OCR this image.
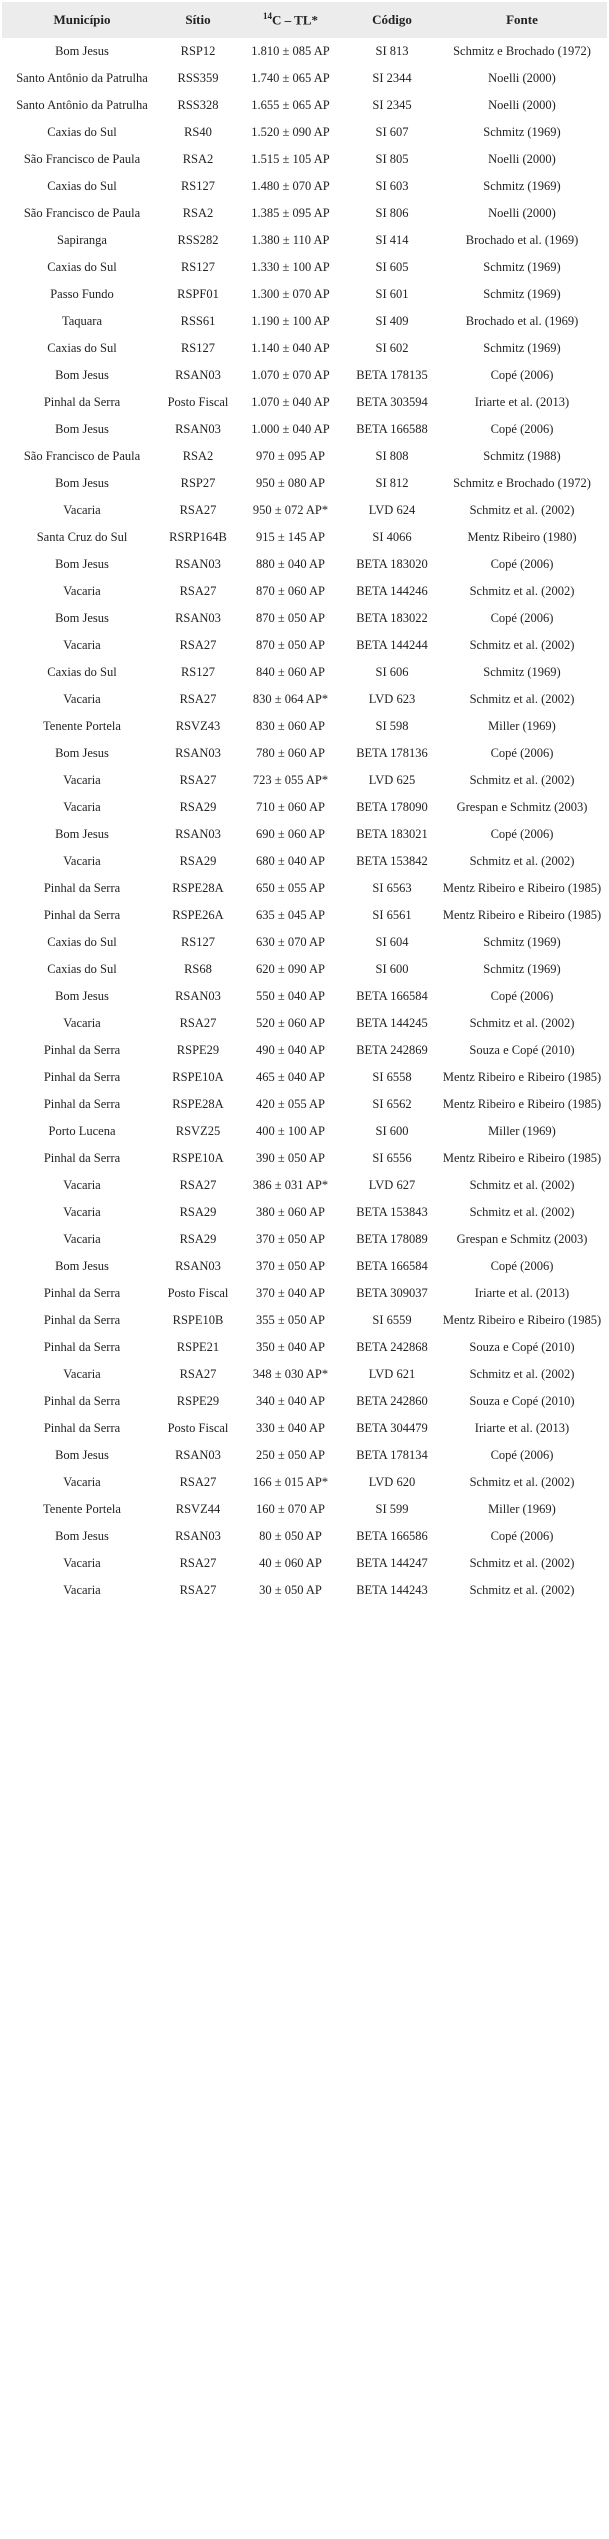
Município	Sítio	$^{14}$C – TL*	Código	Fonte
Bom Jesus	RSP12	1.810 ± 085 AP	SI 813	Schmitz e Brochado (1972)
Santo Antônio da Patrulha	RSS359	1.740 ± 065 AP	SI 2344	Noelli (2000)
Santo Antônio da Patrulha	RSS328	1.655 ± 065 AP	SI 2345	Noelli (2000)
Caxias do Sul	RS40	1.520 ± 090 AP	SI 607	Schmitz (1969)
São Francisco de Paula	RSA2	1.515 ± 105 AP	SI 805	Noelli (2000)
Caxias do Sul	RS127	1.480 ± 070 AP	SI 603	Schmitz (1969)
São Francisco de Paula	RSA2	1.385 ± 095 AP	SI 806	Noelli (2000)
Sapiranga	RSS282	1.380 ± 110 AP	SI 414	Brochado et al. (1969)
Caxias do Sul	RS127	1.330 ± 100 AP	SI 605	Schmitz (1969)
Passo Fundo	RSPF01	1.300 ± 070 AP	SI 601	Schmitz (1969)
Taquara	RSS61	1.190 ± 100 AP	SI 409	Brochado et al. (1969)
Caxias do Sul	RS127	1.140 ± 040 AP	SI 602	Schmitz (1969)
Bom Jesus	RSAN03	1.070 ± 070 AP	BETA 178135	Copé (2006)
Pinhal da Serra	Posto Fiscal	1.070 ± 040 AP	BETA 303594	Iriarte et al. (2013)
Bom Jesus	RSAN03	1.000 ± 040 AP	BETA 166588	Copé (2006)
São Francisco de Paula	RSA2	970 ± 095 AP	SI 808	Schmitz (1988)
Bom Jesus	RSP27	950 ± 080 AP	SI 812	Schmitz e Brochado (1972)
Vacaria	RSA27	950 ± 072 AP*	LVD 624	Schmitz et al. (2002)
Santa Cruz do Sul	RSRP164B	915 ± 145 AP	SI 4066	Mentz Ribeiro (1980)
Bom Jesus	RSAN03	880 ± 040 AP	BETA 183020	Copé (2006)
Vacaria	RSA27	870 ± 060 AP	BETA 144246	Schmitz et al. (2002)
Bom Jesus	RSAN03	870 ± 050 AP	BETA 183022	Copé (2006)
Vacaria	RSA27	870 ± 050 AP	BETA 144244	Schmitz et al. (2002)
Caxias do Sul	RS127	840 ± 060 AP	SI 606	Schmitz (1969)
Vacaria	RSA27	830 ± 064 AP*	LVD 623	Schmitz et al. (2002)
Tenente Portela	RSVZ43	830 ± 060 AP	SI 598	Miller (1969)
Bom Jesus	RSAN03	780 ± 060 AP	BETA 178136	Copé (2006)
Vacaria	RSA27	723 ± 055 AP*	LVD 625	Schmitz et al. (2002)
Vacaria	RSA29	710 ± 060 AP	BETA 178090	Grespan e Schmitz (2003)
Bom Jesus	RSAN03	690 ± 060 AP	BETA 183021	Copé (2006)
Vacaria	RSA29	680 ± 040 AP	BETA 153842	Schmitz et al. (2002)
Pinhal da Serra	RSPE28A	650 ± 055 AP	SI 6563	Mentz Ribeiro e Ribeiro (1985)
Pinhal da Serra	RSPE26A	635 ± 045 AP	SI 6561	Mentz Ribeiro e Ribeiro (1985)
Caxias do Sul	RS127	630 ± 070 AP	SI 604	Schmitz (1969)
Caxias do Sul	RS68	620 ± 090 AP	SI 600	Schmitz (1969)
Bom Jesus	RSAN03	550 ± 040 AP	BETA 166584	Copé (2006)
Vacaria	RSA27	520 ± 060 AP	BETA 144245	Schmitz et al. (2002)
Pinhal da Serra	RSPE29	490 ± 040 AP	BETA 242869	Souza e Copé (2010)
Pinhal da Serra	RSPE10A	465 ± 040 AP	SI 6558	Mentz Ribeiro e Ribeiro (1985)
Pinhal da Serra	RSPE28A	420 ± 055 AP	SI 6562	Mentz Ribeiro e Ribeiro (1985)
Porto Lucena	RSVZ25	400 ± 100 AP	SI 600	Miller (1969)
Pinhal da Serra	RSPE10A	390 ± 050 AP	SI 6556	Mentz Ribeiro e Ribeiro (1985)
Vacaria	RSA27	386 ± 031 AP*	LVD 627	Schmitz et al. (2002)
Vacaria	RSA29	380 ± 060 AP	BETA 153843	Schmitz et al. (2002)
Vacaria	RSA29	370 ± 050 AP	BETA 178089	Grespan e Schmitz (2003)
Bom Jesus	RSAN03	370 ± 050 AP	BETA 166584	Copé (2006)
Pinhal da Serra	Posto Fiscal	370 ± 040 AP	BETA 309037	Iriarte et al. (2013)
Pinhal da Serra	RSPE10B	355 ± 050 AP	SI 6559	Mentz Ribeiro e Ribeiro (1985)
Pinhal da Serra	RSPE21	350 ± 040 AP	BETA 242868	Souza e Copé (2010)
Vacaria	RSA27	348 ± 030 AP*	LVD 621	Schmitz et al. (2002)
Pinhal da Serra	RSPE29	340 ± 040 AP	BETA 242860	Souza e Copé (2010)
Pinhal da Serra	Posto Fiscal	330 ± 040 AP	BETA 304479	Iriarte et al. (2013)
Bom Jesus	RSAN03	250 ± 050 AP	BETA 178134	Copé (2006)
Vacaria	RSA27	166 ± 015 AP*	LVD 620	Schmitz et al. (2002)
Tenente Portela	RSVZ44	160 ± 070 AP	SI 599	Miller (1969)
Bom Jesus	RSAN03	80 ± 050 AP	BETA 166586	Copé (2006)
Vacaria	RSA27	40 ± 060 AP	BETA 144247	Schmitz et al. (2002)
Vacaria	RSA27	30 ± 050 AP	BETA 144243	Schmitz et al. (2002)
